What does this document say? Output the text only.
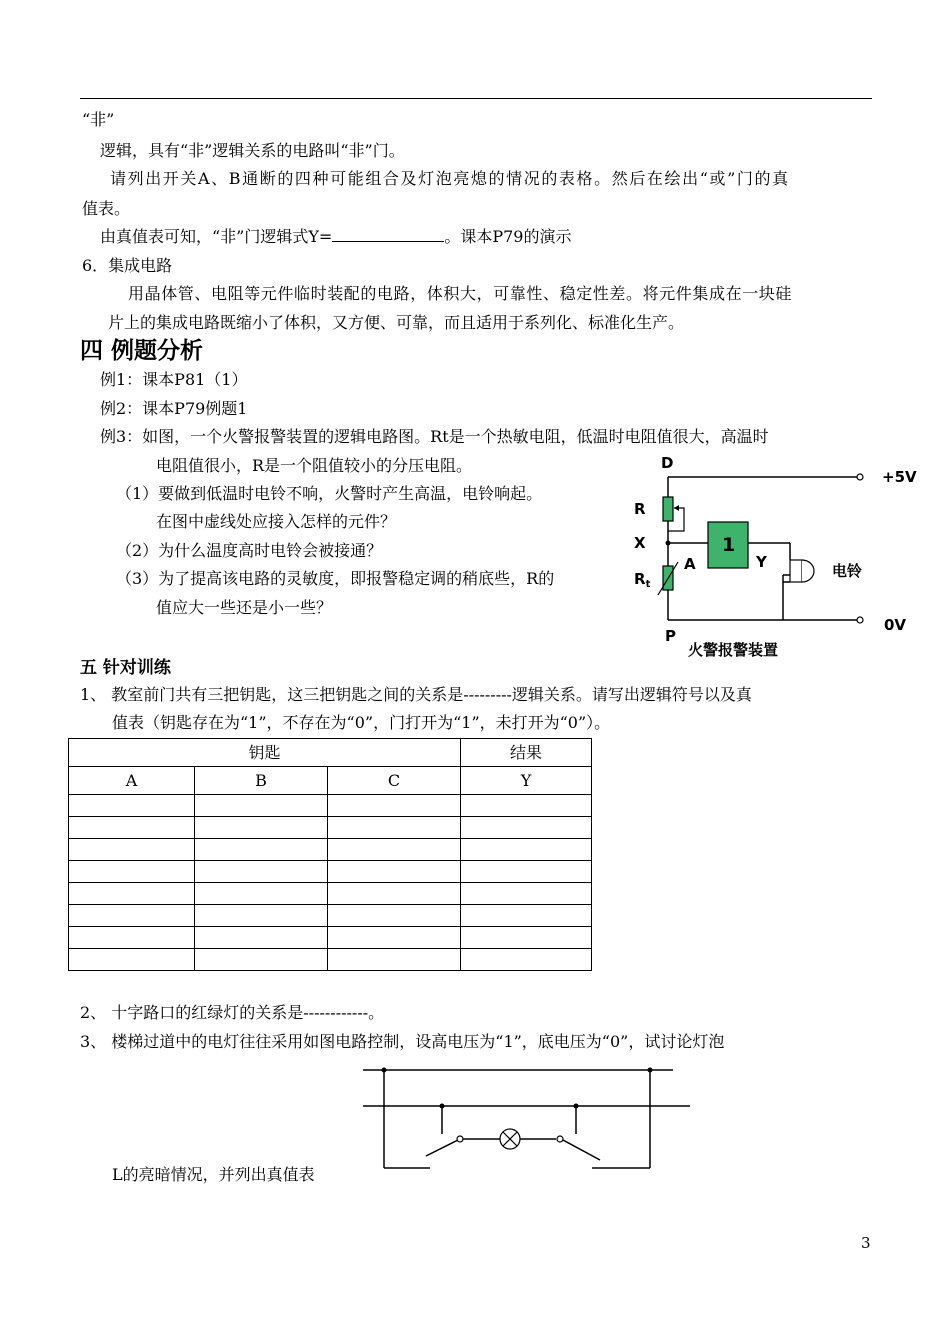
“非”
逻辑，具有“非”逻辑关系的电路叫“非”门。
请列出开关A、B通断的四种可能组合及灯泡亮熄的情况的表格。然后在绘出“或”门的真
值表。
由真值表可知，“非”门逻辑式Y=	。课本P79的演示
6．集成电路
用晶体管、电阻等元件临时装配的电路，体积大，可靠性、稳定性差。将元件集成在一块硅
片上的集成电路既缩小了体积，又方便、可靠，而且适用于系列化、标准化生产。
四 例题分析
例1：课本P81（1）
例2：课本P79例题1
例3：如图，一个火警报警装置的逻辑电路图。Rt是一个热敏电阻，低温时电阻值很大，高温时
电阻值很小，R是一个阻值较小的分压电阻。
（1）要做到低温时电铃不响，火警时产生高温，电铃响起。
在图中虚线处应接入怎样的元件？
（2）为什么温度高时电铃会被接通？
（3）为了提高该电路的灵敏度，即报警稳定调的稍底些，R的
值应大一些还是小一些？
D
+5V
R
X	1
Y
A
$R_t$
电铃
0V
P
火警报警装置
五 针对训练
1、 教室前门共有三把钥匙，这三把钥匙之间的关系是---------逻辑关系。请写出逻辑符号以及真
值表（钥匙存在为“1”，不存在为“0”，门打开为“1”，未打开为“0”）。
钥匙			结果
A	B	C	Y

2、 十字路口的红绿灯的关系是------------。
3、 楼梯过道中的电灯往往采用如图电路控制，设高电压为“1”，底电压为“0”，试讨论灯泡
L的亮暗情况，并列出真值表
3
